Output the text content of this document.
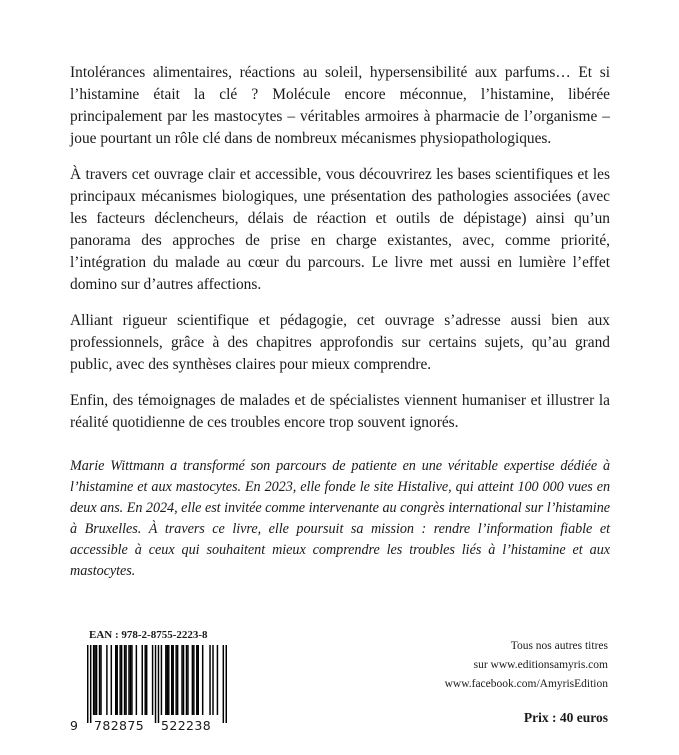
Intolérances alimentaires, réactions au soleil, hypersensibilité aux parfums… Et si l’histamine était la clé ? Molécule encore méconnue, l’histamine, libérée principalement par les mastocytes – véritables armoires à pharmacie de l’organisme – joue pourtant un rôle clé dans de nombreux mécanismes physiopathologiques.

À travers cet ouvrage clair et accessible, vous découvrirez les bases scientifiques et les principaux mécanismes biologiques, une présentation des pathologies associées (avec les facteurs déclencheurs, délais de réaction et outils de dépistage) ainsi qu’un panorama des approches de prise en charge existantes, avec, comme priorité, l’intégration du malade au cœur du parcours. Le livre met aussi en lumière l’effet domino sur d’autres affections.

Alliant rigueur scientifique et pédagogie, cet ouvrage s’adresse aussi bien aux professionnels, grâce à des chapitres approfondis sur certains sujets, qu’au grand public, avec des synthèses claires pour mieux comprendre.

Enfin, des témoignages de malades et de spécialistes viennent humaniser et illustrer la réalité quotidienne de ces troubles encore trop souvent ignorés.

Marie Wittmann a transformé son parcours de patiente en une véritable expertise dédiée à l’histamine et aux mastocytes. En 2023, elle fonde le site Histalive, qui atteint 100 000 vues en deux ans. En 2024, elle est invitée comme intervenante au congrès international sur l’histamine à Bruxelles. À travers ce livre, elle poursuit sa mission : rendre l’information fiable et accessible à ceux qui souhaitent mieux comprendre les troubles liés à l’histamine et aux mastocytes.

EAN : 978-2-8755-2223-8
9 782875 522238
Tous nos autres titres
sur www.editionsamyris.com
www.facebook.com/AmyrisEdition
Prix : 40 euros
